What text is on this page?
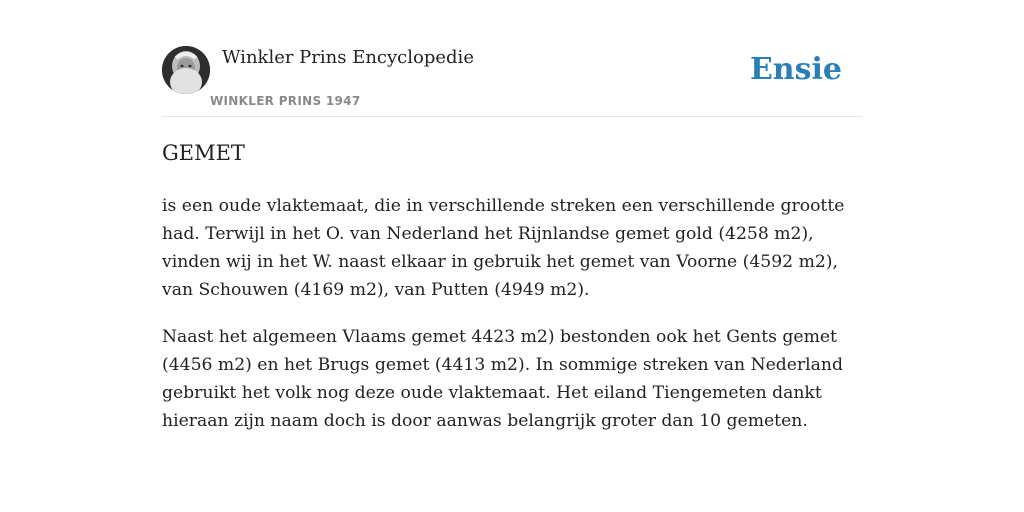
Winkler Prins Encyclopedie
WINKLER PRINS 1947
Ensie
GEMET

is een oude vlaktemaat, die in verschillende streken een verschillende grootte had. Terwijl in het O. van Nederland het Rijnlandse gemet gold (4258 m2), vinden wij in het W. naast elkaar in gebruik het gemet van Voorne (4592 m2), van Schouwen (4169 m2), van Putten (4949 m2).

Naast het algemeen Vlaams gemet 4423 m2) bestonden ook het Gents gemet (4456 m2) en het Brugs gemet (4413 m2). In sommige streken van Nederland gebruikt het volk nog deze oude vlaktemaat. Het eiland Tiengemeten dankt hieraan zijn naam doch is door aanwas belangrijk groter dan 10 gemeten.
